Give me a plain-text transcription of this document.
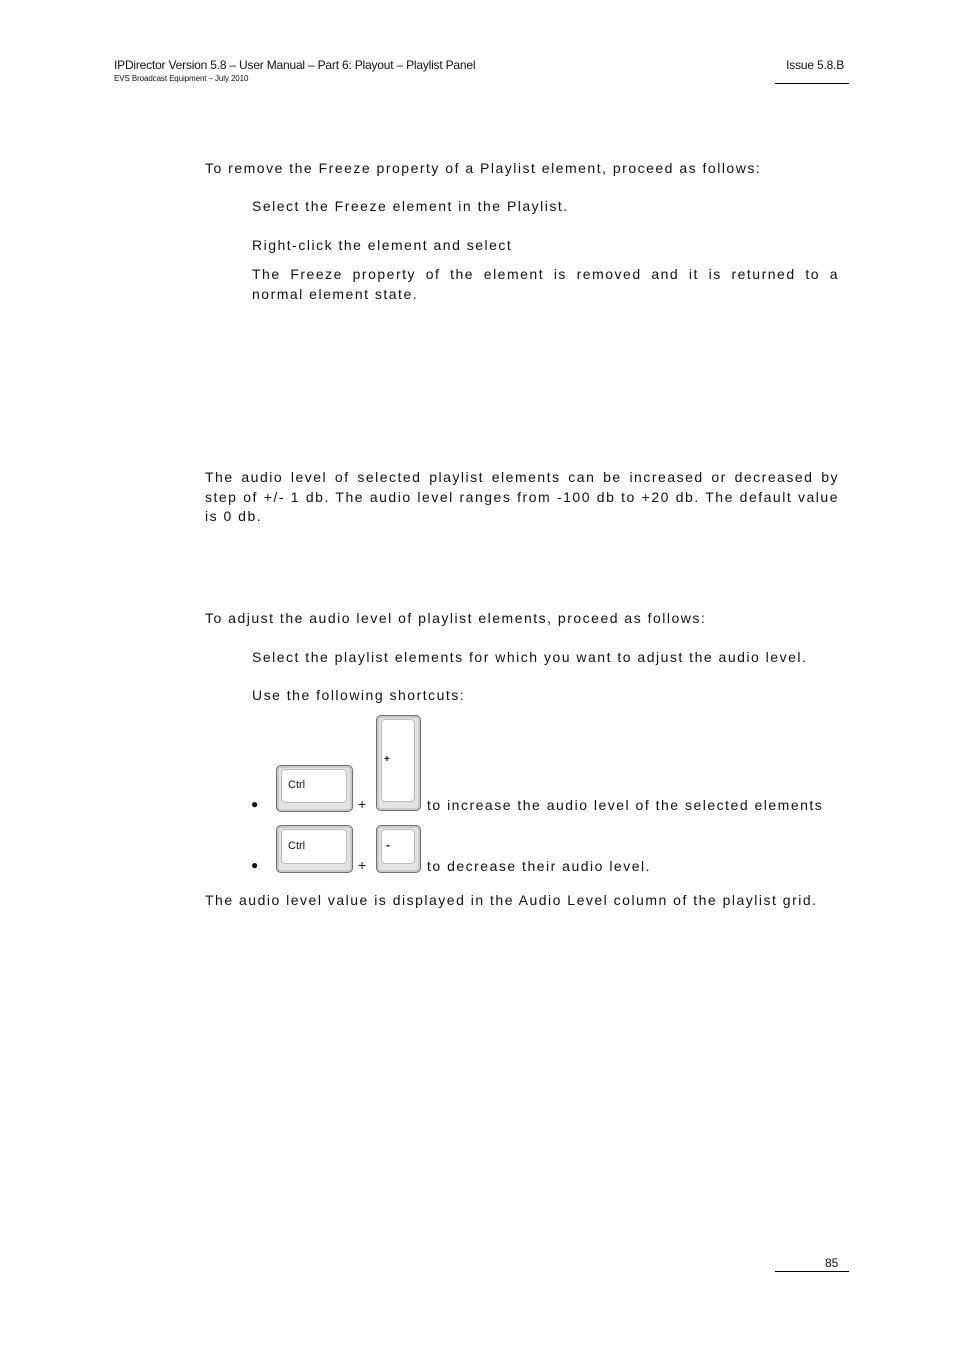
IPDirector Version 5.8 – User Manual – Part 6: Playout – Playlist Panel
EVS Broadcast Equipment – July 2010
Issue 5.8.B
To remove the Freeze property of a Playlist element, proceed as follows:
Select the Freeze element in the Playlist.
Right-click the element and select
The Freeze property of the element is removed and it is returned to a normal element state.
The audio level of selected playlist elements can be increased or decreased by step of +/- 1 db. The audio level ranges from -100 db to +20 db. The default value is 0 db.
To adjust the audio level of playlist elements, proceed as follows:
Select the playlist elements for which you want to adjust the audio level.
Use the following shortcuts:
●
Ctrl
+
+
to increase the audio level of the selected elements
●
Ctrl
+
-
to decrease their audio level.
The audio level value is displayed in the Audio Level column of the playlist grid.
85
